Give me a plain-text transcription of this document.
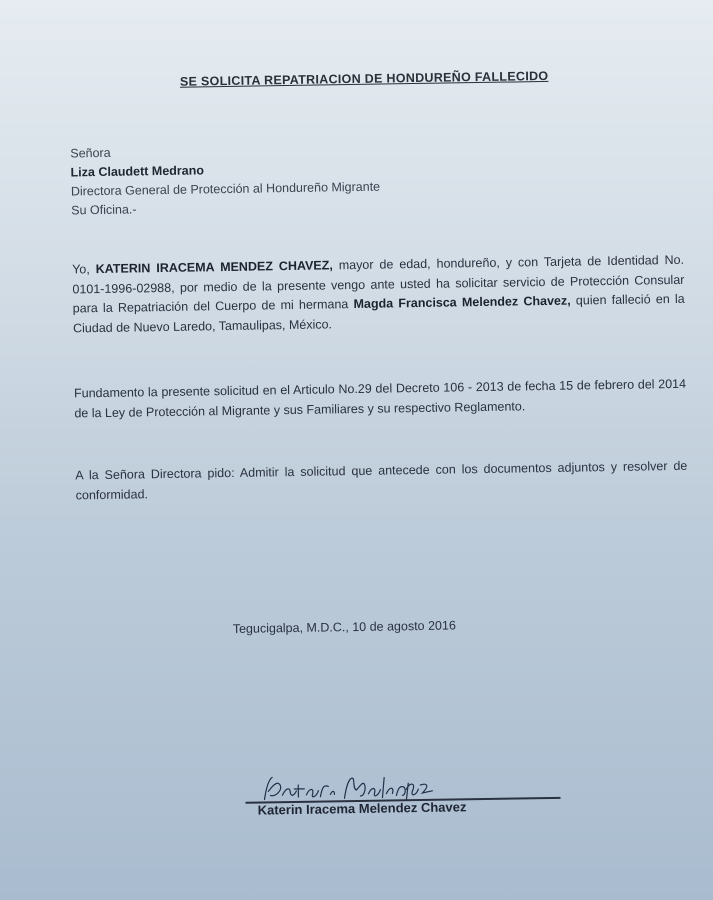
SE SOLICITA REPATRIACION DE HONDUREÑO FALLECIDO
Señora
Liza Claudett Medrano
Directora General de Protección al Hondureño Migrante
Su Oficina.-
Yo, KATERIN IRACEMA MENDEZ CHAVEZ, mayor de edad, hondureño, y con Tarjeta de Identidad No. 0101-1996-02988, por medio de la presente vengo ante usted ha solicitar servicio de Protección Consular para la Repatriación del Cuerpo de mi hermana Magda Francisca Melendez Chavez, quien falleció en la Ciudad de Nuevo Laredo, Tamaulipas, México.
Fundamento la presente solicitud en el Articulo No.29 del Decreto 106 - 2013 de fecha 15 de febrero del 2014 de la Ley de Protección al Migrante y sus Familiares y su respectivo Reglamento.
A la Señora Directora pido: Admitir la solicitud que antecede con los documentos adjuntos y resolver de conformidad.
Tegucigalpa, M.D.C., 10 de agosto 2016
Katerin Iracema Melendez Chavez
